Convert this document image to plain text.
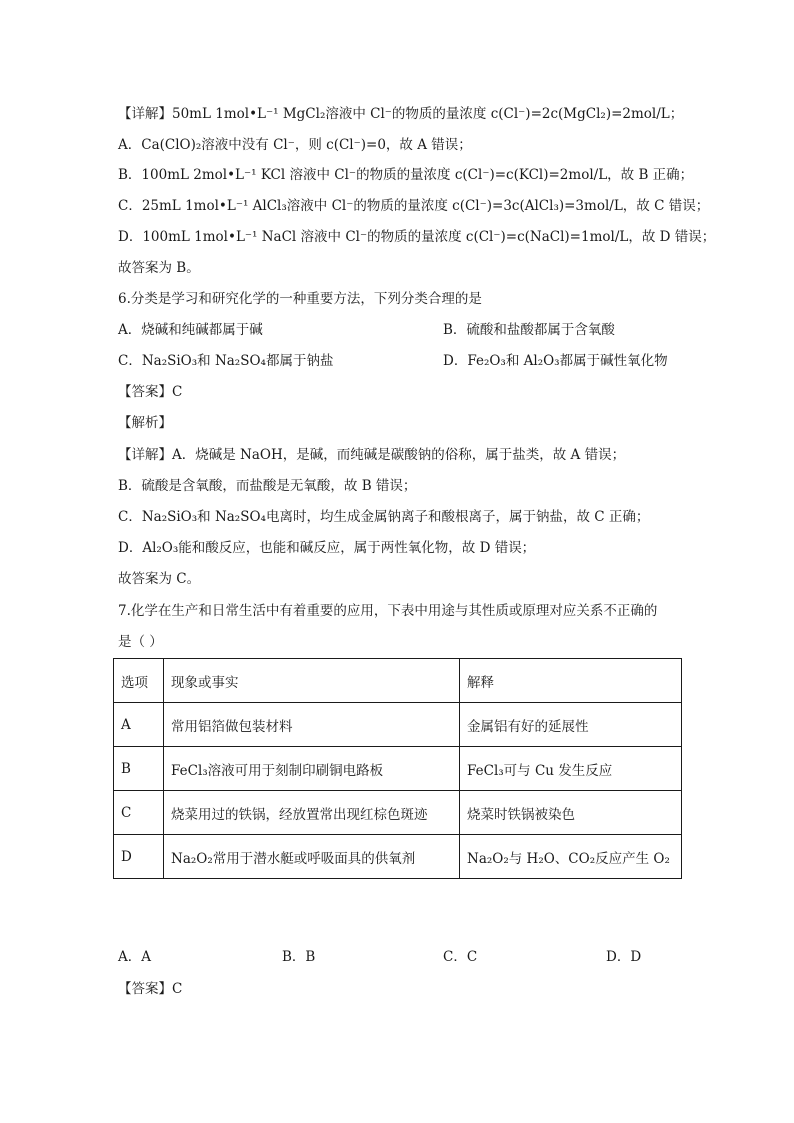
【详解】50mL 1mol•L⁻¹ MgCl₂溶液中 Cl⁻的物质的量浓度 c(Cl⁻)=2c(MgCl₂)=2mol/L；
A．Ca(ClO)₂溶液中没有 Cl⁻，则 c(Cl⁻)=0，故 A 错误；
B．100mL 2mol•L⁻¹ KCl 溶液中 Cl⁻的物质的量浓度 c(Cl⁻)=c(KCl)=2mol/L，故 B 正确；
C．25mL 1mol•L⁻¹ AlCl₃溶液中 Cl⁻的物质的量浓度 c(Cl⁻)=3c(AlCl₃)=3mol/L，故 C 错误；
D．100mL 1mol•L⁻¹ NaCl 溶液中 Cl⁻的物质的量浓度 c(Cl⁻)=c(NaCl)=1mol/L，故 D 错误；
故答案为 B。
6.分类是学习和研究化学的一种重要方法，下列分类合理的是
A．烧碱和纯碱都属于碱	B．硫酸和盐酸都属于含氧酸
C．Na₂SiO₃和 Na₂SO₄都属于钠盐	D．Fe₂O₃和 Al₂O₃都属于碱性氧化物
【答案】C
【解析】
【详解】A．烧碱是 NaOH，是碱，而纯碱是碳酸钠的俗称，属于盐类，故 A 错误；
B．硫酸是含氧酸，而盐酸是无氧酸，故 B 错误；
C．Na₂SiO₃和 Na₂SO₄电离时，均生成金属钠离子和酸根离子，属于钠盐，故 C 正确；
D．Al₂O₃能和酸反应，也能和碱反应，属于两性氧化物，故 D 错误；
故答案为 C。
7.化学在生产和日常生活中有着重要的应用，下表中用途与其性质或原理对应关系不正确的
是（ ）
选项	现象或事实	解释
A	常用铝箔做包装材料	金属铝有好的延展性
B	FeCl₃溶液可用于刻制印刷铜电路板	FeCl₃可与 Cu 发生反应
C	烧菜用过的铁锅，经放置常出现红棕色斑迹	烧菜时铁锅被染色
D	Na₂O₂常用于潜水艇或呼吸面具的供氧剂	Na₂O₂与 H₂O、CO₂反应产生 O₂
A．A	B．B	C．C	D．D
【答案】C
